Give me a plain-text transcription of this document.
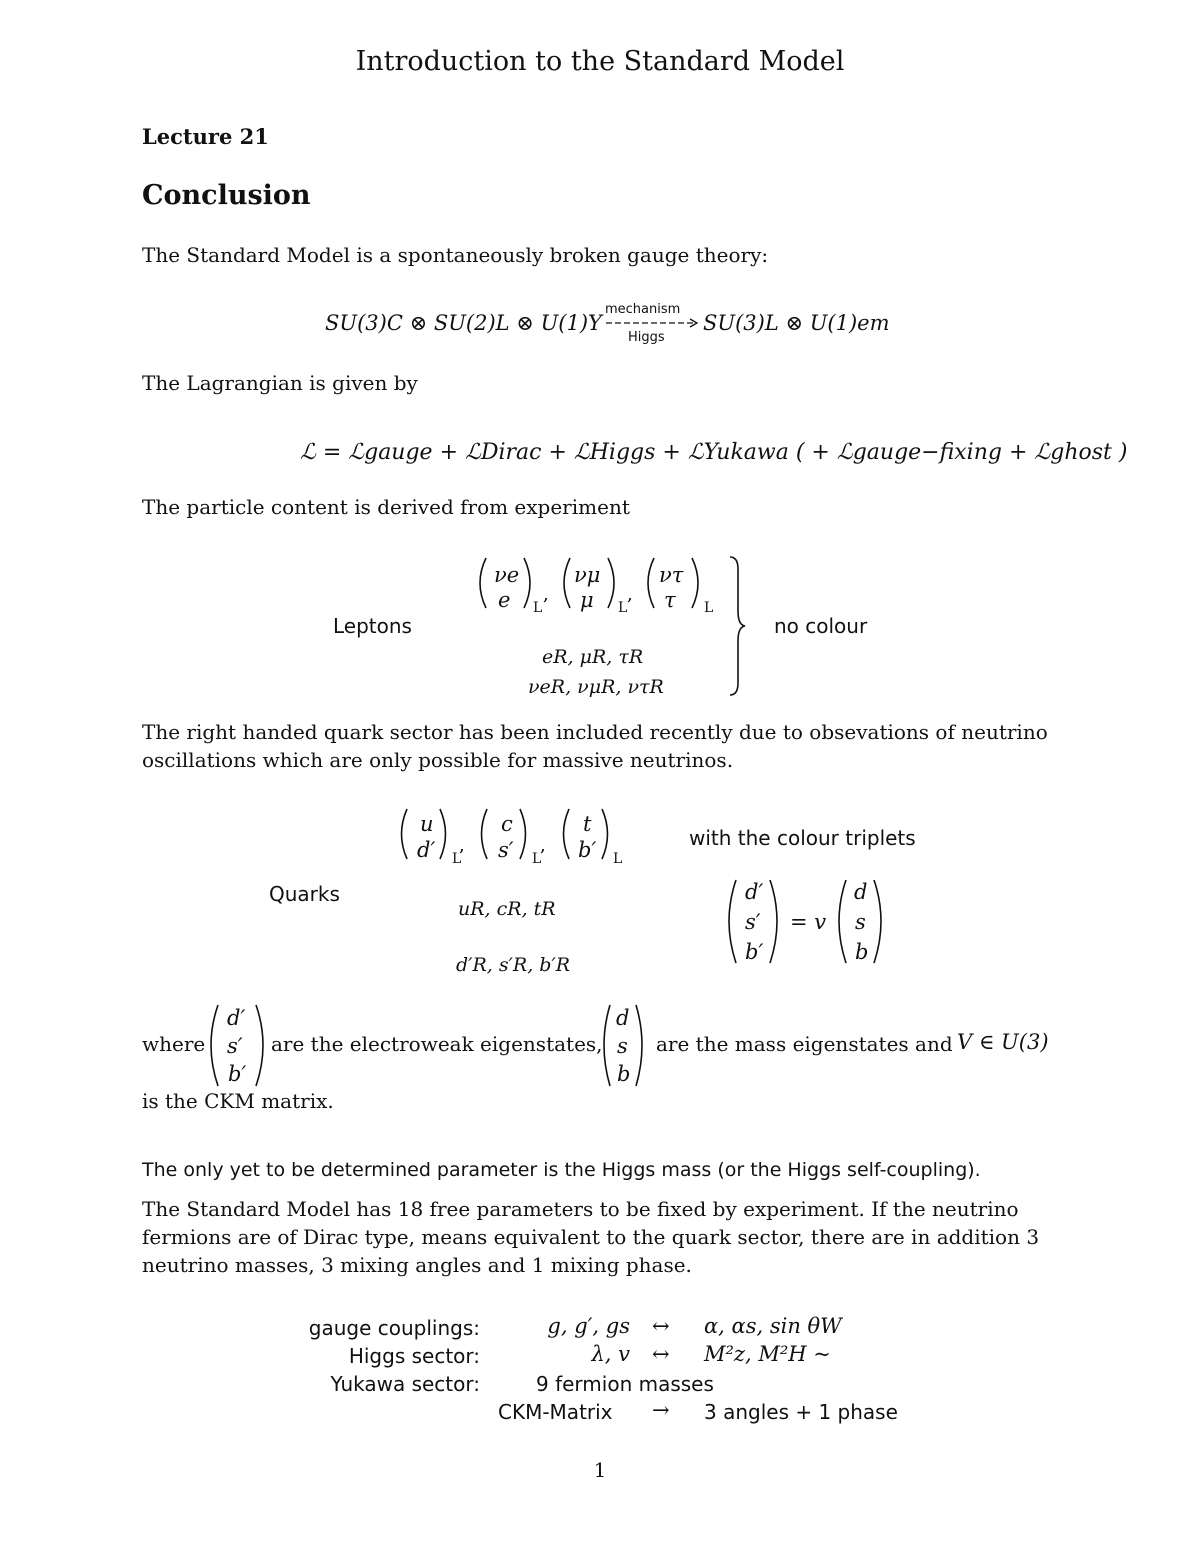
Introduction to the Standard Model
Lecture 21
Conclusion
The Standard Model is a spontaneously broken gauge theory:
SU(3)C ⊗ SU(2)L ⊗ U(1)Y
mechanism
Higgs
SU(3)L ⊗ U(1)em
The Lagrangian is given by
ℒ = ℒgauge + ℒDirac + ℒHiggs + ℒYukawa ( + ℒgauge−fixing + ℒghost )
The particle content is derived from experiment
Leptons
νe
e L
νμ
μ L
ντ
τ L
,	,
eR, μR, τR
νeR, νμR, ντR
no colour
The right handed quark sector has been included recently due to obsevations of neutrino
oscillations which are only possible for massive neutrinos.
Quarks
u
d′ L
c
s′ L
t
b′ L
,	,
uR, cR, tR
d′R, s′R, b′R
with the colour triplets
d′
s′
b′
= v
d
s
b
where
d′
s′
b′
are the electroweak eigenstates,
d
s
b
are the mass eigenstates and V ∈ U(3)
is the CKM matrix.
The only yet to be determined parameter is the Higgs mass (or the Higgs self-coupling).
The Standard Model has 18 free parameters to be fixed by experiment. If the neutrino
fermions are of Dirac type, means equivalent to the quark sector, there are in addition 3
neutrino masses, 3 mixing angles and 1 mixing phase.
gauge couplings:	g, g′, gs ↔ α, αs, sin θW
Higgs sector:	λ, v ↔ M²z, M²H ~
Yukawa sector:	9 fermion masses
CKM-Matrix → 3 angles + 1 phase
1
